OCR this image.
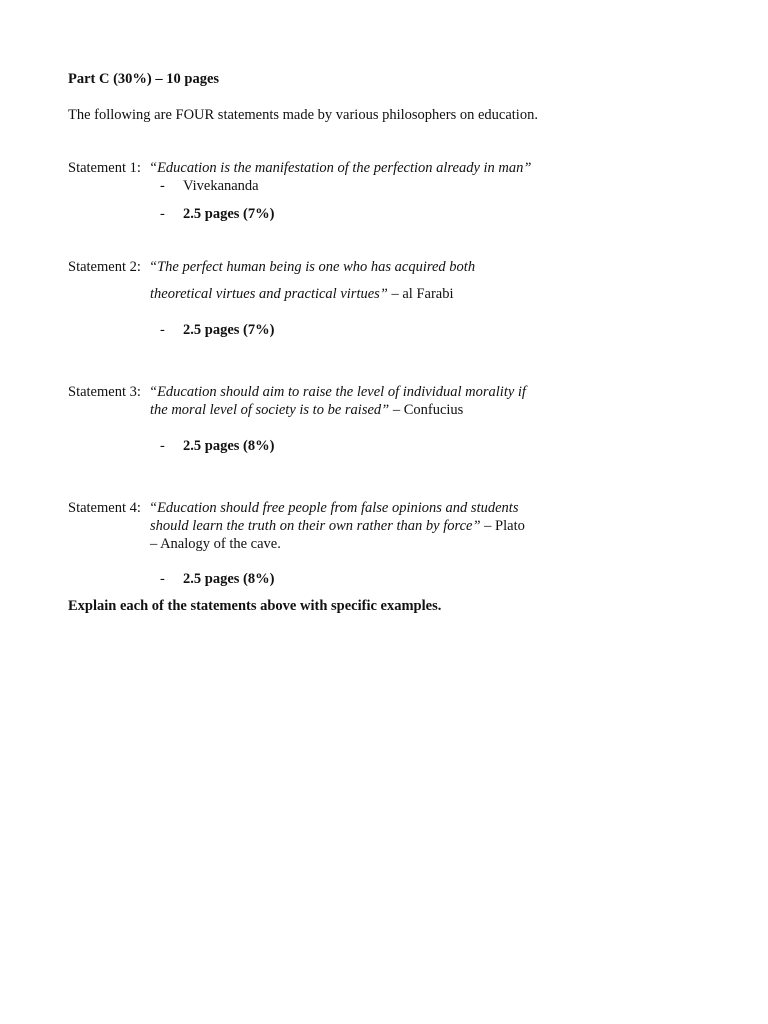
Part C (30%) – 10 pages
The following are FOUR statements made by various philosophers on education.
Statement 1: “Education is the manifestation of the perfection already in man”
- Vivekananda
- 2.5 pages (7%)
Statement 2: “The perfect human being is one who has acquired both
theoretical virtues and practical virtues” – al Farabi
- 2.5 pages (7%)
Statement 3: “Education should aim to raise the level of individual morality if
the moral level of society is to be raised” – Confucius
- 2.5 pages (8%)
Statement 4: “Education should free people from false opinions and students
should learn the truth on their own rather than by force” – Plato
– Analogy of the cave.
- 2.5 pages (8%)
Explain each of the statements above with specific examples.
